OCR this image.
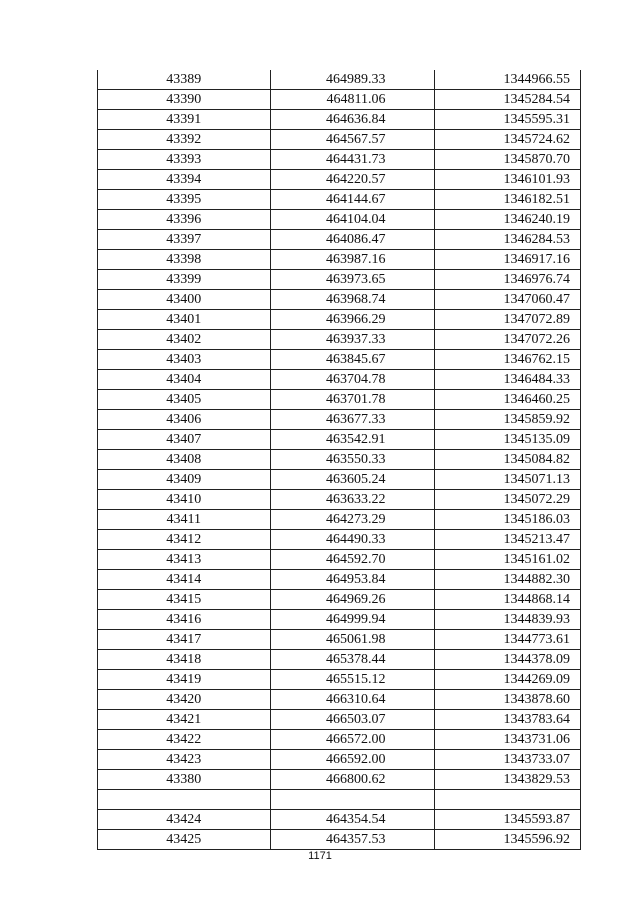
43389	464989.33	1344966.55
43390	464811.06	1345284.54
43391	464636.84	1345595.31
43392	464567.57	1345724.62
43393	464431.73	1345870.70
43394	464220.57	1346101.93
43395	464144.67	1346182.51
43396	464104.04	1346240.19
43397	464086.47	1346284.53
43398	463987.16	1346917.16
43399	463973.65	1346976.74
43400	463968.74	1347060.47
43401	463966.29	1347072.89
43402	463937.33	1347072.26
43403	463845.67	1346762.15
43404	463704.78	1346484.33
43405	463701.78	1346460.25
43406	463677.33	1345859.92
43407	463542.91	1345135.09
43408	463550.33	1345084.82
43409	463605.24	1345071.13
43410	463633.22	1345072.29
43411	464273.29	1345186.03
43412	464490.33	1345213.47
43413	464592.70	1345161.02
43414	464953.84	1344882.30
43415	464969.26	1344868.14
43416	464999.94	1344839.93
43417	465061.98	1344773.61
43418	465378.44	1344378.09
43419	465515.12	1344269.09
43420	466310.64	1343878.60
43421	466503.07	1343783.64
43422	466572.00	1343731.06
43423	466592.00	1343733.07
43380	466800.62	1343829.53

43424	464354.54	1345593.87
43425	464357.53	1345596.92
1171
